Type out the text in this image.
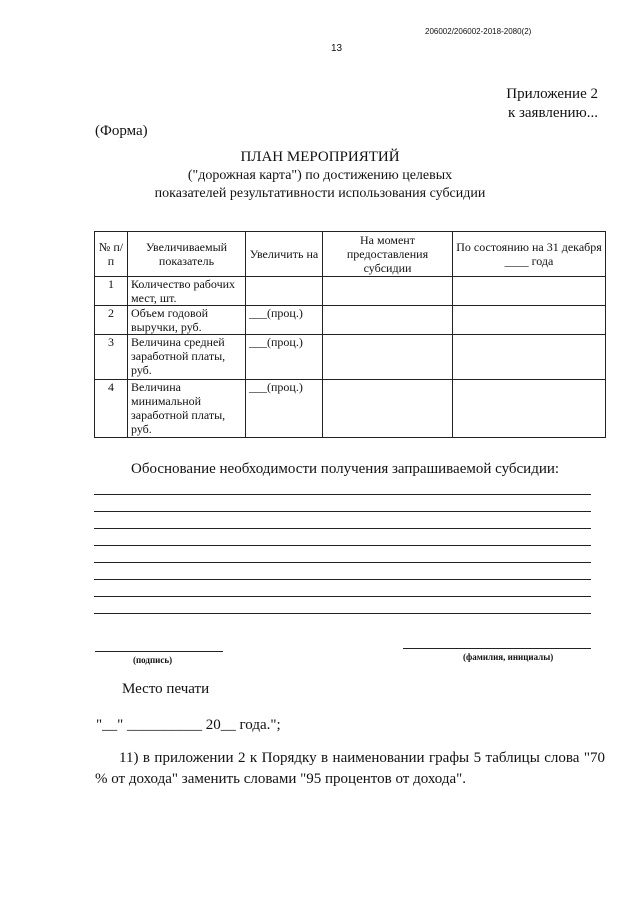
206002/206002-2018-2080(2)
13
Приложение 2
к заявлению...
(Форма)
ПЛАН МЕРОПРИЯТИЙ
("дорожная карта") по достижению целевых
показателей результативности использования субсидии
№ п/п	Увеличиваемый показатель	Увеличить на	На момент предоставления субсидии	По состоянию на 31 декабря ____ года
1	Количество рабочих мест, шт.			
2	Объем годовой выручки, руб.	___(проц.)		
3	Величина средней заработной платы, руб.	___(проц.)		
4	Величина минимальной заработной платы, руб.	___(проц.)		
Обоснование необходимости получения запрашиваемой субсидии:
(подпись)	(фамилия, инициалы)
Место печати
"__" __________ 20__ года.";
11) в приложении 2 к Порядку в наименовании графы 5 таблицы слова "70 % от дохода" заменить словами "95 процентов от дохода".
